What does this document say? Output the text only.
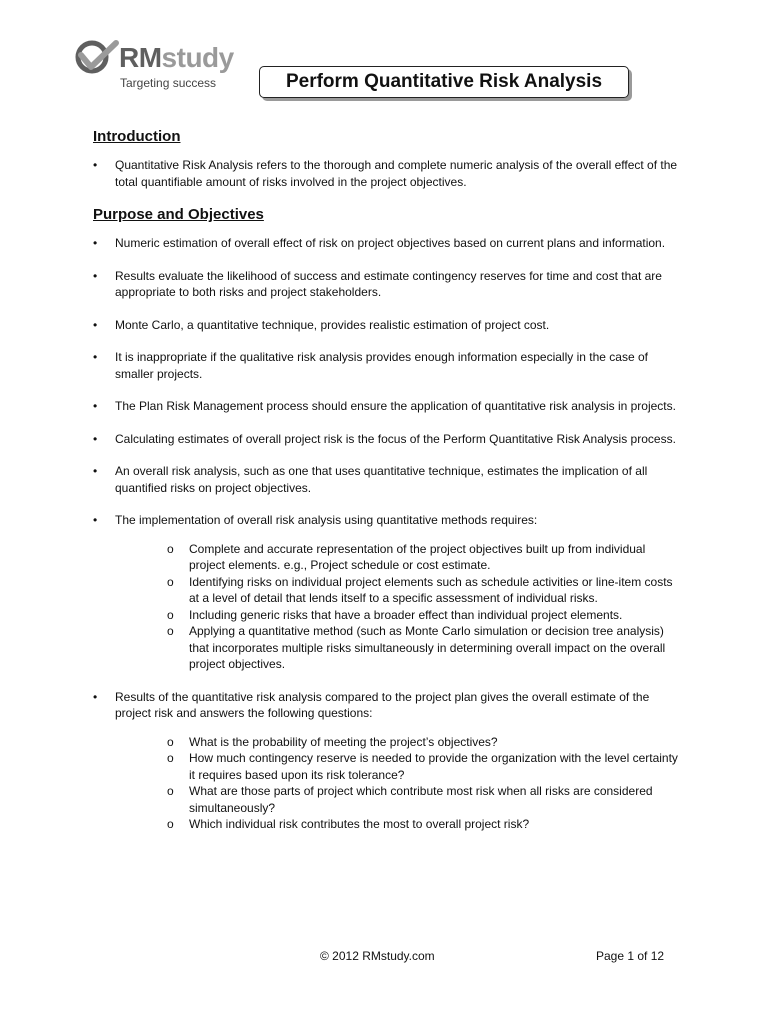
RMstudy
Targeting success	Perform Quantitative Risk Analysis
Introduction
• Quantitative Risk Analysis refers to the thorough and complete numeric analysis of the overall effect of the total quantifiable amount of risks involved in the project objectives.
Purpose and Objectives
• Numeric estimation of overall effect of risk on project objectives based on current plans and information.
• Results evaluate the likelihood of success and estimate contingency reserves for time and cost that are appropriate to both risks and project stakeholders.
• Monte Carlo, a quantitative technique, provides realistic estimation of project cost.
• It is inappropriate if the qualitative risk analysis provides enough information especially in the case of smaller projects.
• The Plan Risk Management process should ensure the application of quantitative risk analysis in projects.
• Calculating estimates of overall project risk is the focus of the Perform Quantitative Risk Analysis process.
• An overall risk analysis, such as one that uses quantitative technique, estimates the implication of all quantified risks on project objectives.
• The implementation of overall risk analysis using quantitative methods requires:
o Complete and accurate representation of the project objectives built up from individual project elements. e.g., Project schedule or cost estimate.
o Identifying risks on individual project elements such as schedule activities or line-item costs at a level of detail that lends itself to a specific assessment of individual risks.
o Including generic risks that have a broader effect than individual project elements.
o Applying a quantitative method (such as Monte Carlo simulation or decision tree analysis) that incorporates multiple risks simultaneously in determining overall impact on the overall project objectives.
• Results of the quantitative risk analysis compared to the project plan gives the overall estimate of the project risk and answers the following questions:
o What is the probability of meeting the project’s objectives?
o How much contingency reserve is needed to provide the organization with the level certainty it requires based upon its risk tolerance?
o What are those parts of project which contribute most risk when all risks are considered simultaneously?
o Which individual risk contributes the most to overall project risk?
© 2012 RMstudy.com	Page 1 of 12
